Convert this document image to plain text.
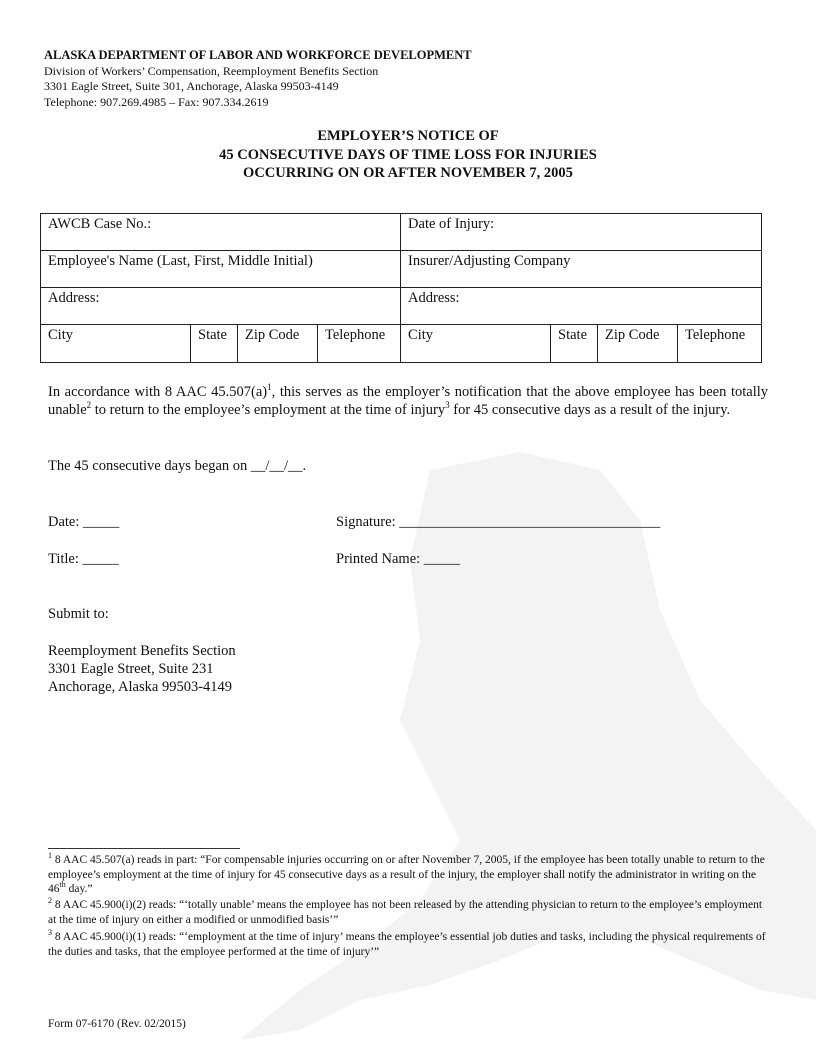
ALASKA DEPARTMENT OF LABOR AND WORKFORCE DEVELOPMENT
Division of Workers’ Compensation, Reemployment Benefits Section
3301 Eagle Street, Suite 301, Anchorage, Alaska 99503-4149
Telephone: 907.269.4985 – Fax: 907.334.2619
EMPLOYER’S NOTICE OF
45 CONSECUTIVE DAYS OF TIME LOSS FOR INJURIES
OCCURRING ON OR AFTER NOVEMBER 7, 2005
AWCB Case No.:				Date of Injury:			
Employee's Name (Last, First, Middle Initial)				Insurer/Adjusting Company			
Address:				Address:			
City	State	Zip Code	Telephone	City	State	Zip Code	Telephone
In accordance with 8 AAC $45.507(a)^1$, this serves as the employer’s notification that the above employee has been totally unable$^2$ to return to the employee’s employment at the time of injury$^3$ for 45 consecutive days as a result of the injury.
The 45 consecutive days began on __/__/__.
Date: _____	Signature: ____________________________________
Title: _____	Printed Name: _____
Submit to:
Reemployment Benefits Section
3301 Eagle Street, Suite 231
Anchorage, Alaska 99503-4149
$^1$ 8 AAC 45.507(a) reads in part: “For compensable injuries occurring on or after November 7, 2005, if the employee has been totally unable to return to the employee’s employment at the time of injury for 45 consecutive days as a result of the injury, the employer shall notify the administrator in writing on the 46th day.”
$^2$ 8 AAC 45.900(i)(2) reads: “‘totally unable’ means the employee has not been released by the attending physician to return to the employee’s employment at the time of injury on either a modified or unmodified basis’”
$^3$ 8 AAC 45.900(i)(1) reads: “‘employment at the time of injury’ means the employee’s essential job duties and tasks, including the physical requirements of the duties and tasks, that the employee performed at the time of injury’”
Form 07-6170 (Rev. 02/2015)
